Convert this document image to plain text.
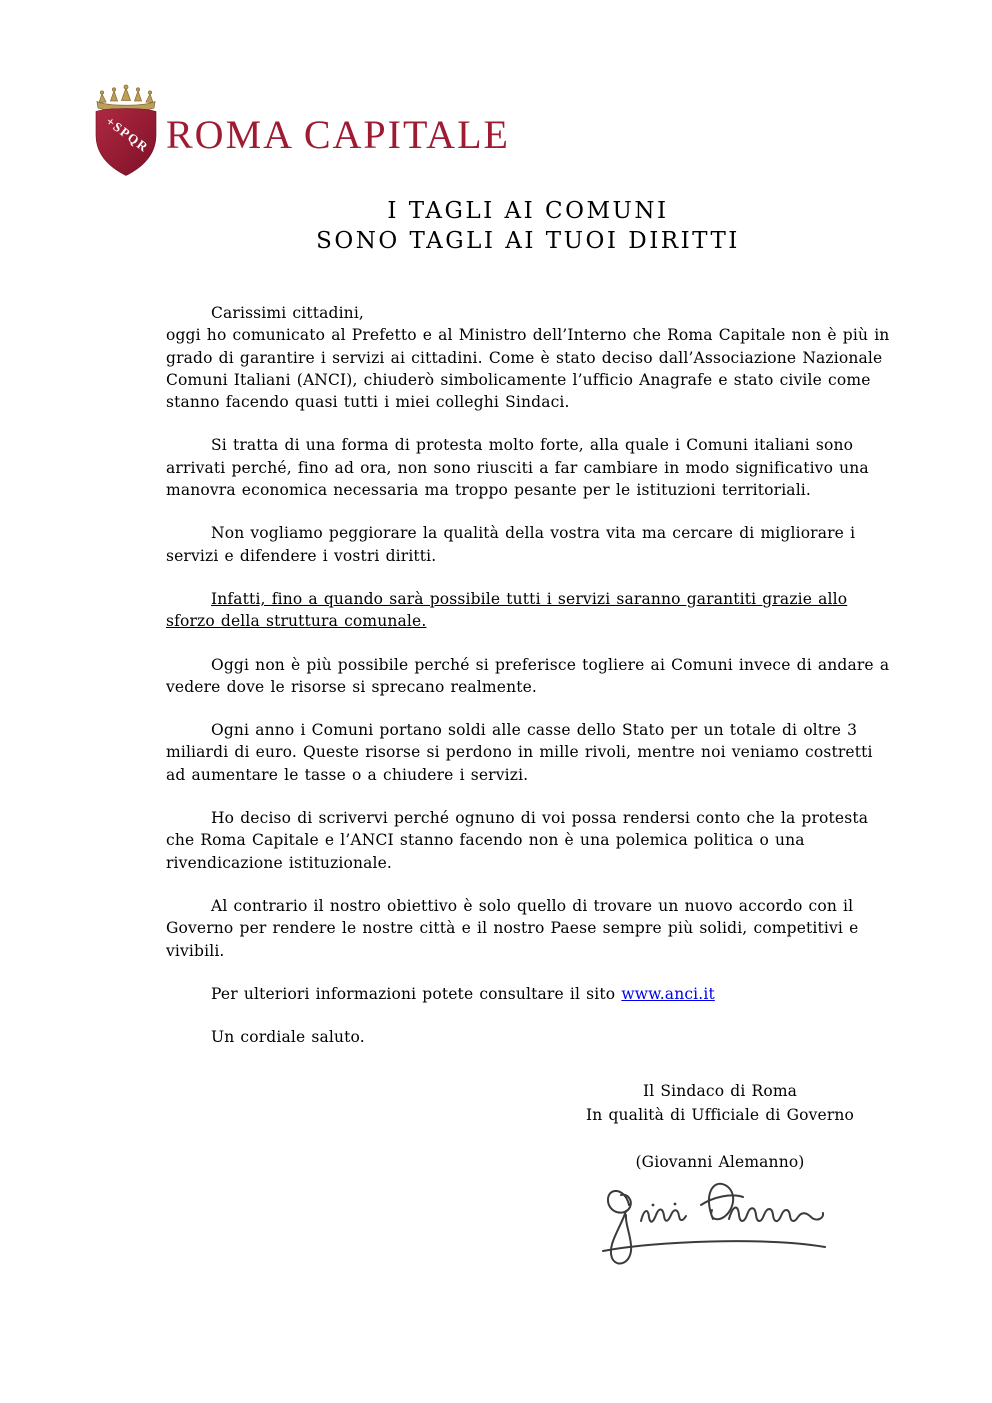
+SPQR ROMA CAPITALE
I TAGLI AI COMUNI
SONO TAGLI AI TUOI DIRITTI

Carissimi cittadini,
oggi ho comunicato al Prefetto e al Ministro dell’Interno che Roma Capitale non è più in grado di garantire i servizi ai cittadini. Come è stato deciso dall’Associazione Nazionale Comuni Italiani (ANCI), chiuderò simbolicamente l’ufficio Anagrafe e stato civile come stanno facendo quasi tutti i miei colleghi Sindaci.

Si tratta di una forma di protesta molto forte, alla quale i Comuni italiani sono arrivati perché, fino ad ora, non sono riusciti a far cambiare in modo significativo una manovra economica necessaria ma troppo pesante per le istituzioni territoriali.

Non vogliamo peggiorare la qualità della vostra vita ma cercare di migliorare i servizi e difendere i vostri diritti.

Infatti, fino a quando sarà possibile tutti i servizi saranno garantiti grazie allo sforzo della struttura comunale.

Oggi non è più possibile perché si preferisce togliere ai Comuni invece di andare a vedere dove le risorse si sprecano realmente.

Ogni anno i Comuni portano soldi alle casse dello Stato per un totale di oltre 3 miliardi di euro. Queste risorse si perdono in mille rivoli, mentre noi veniamo costretti ad aumentare le tasse o a chiudere i servizi.

Ho deciso di scrivervi perché ognuno di voi possa rendersi conto che la protesta che Roma Capitale e l’ANCI stanno facendo non è una polemica politica o una rivendicazione istituzionale.

Al contrario il nostro obiettivo è solo quello di trovare un nuovo accordo con il Governo per rendere le nostre città e il nostro Paese sempre più solidi, competitivi e vivibili.

Per ulteriori informazioni potete consultare il sito www.anci.it

Un cordiale saluto.

Il Sindaco di Roma
In qualità di Ufficiale di Governo
(Giovanni Alemanno)
